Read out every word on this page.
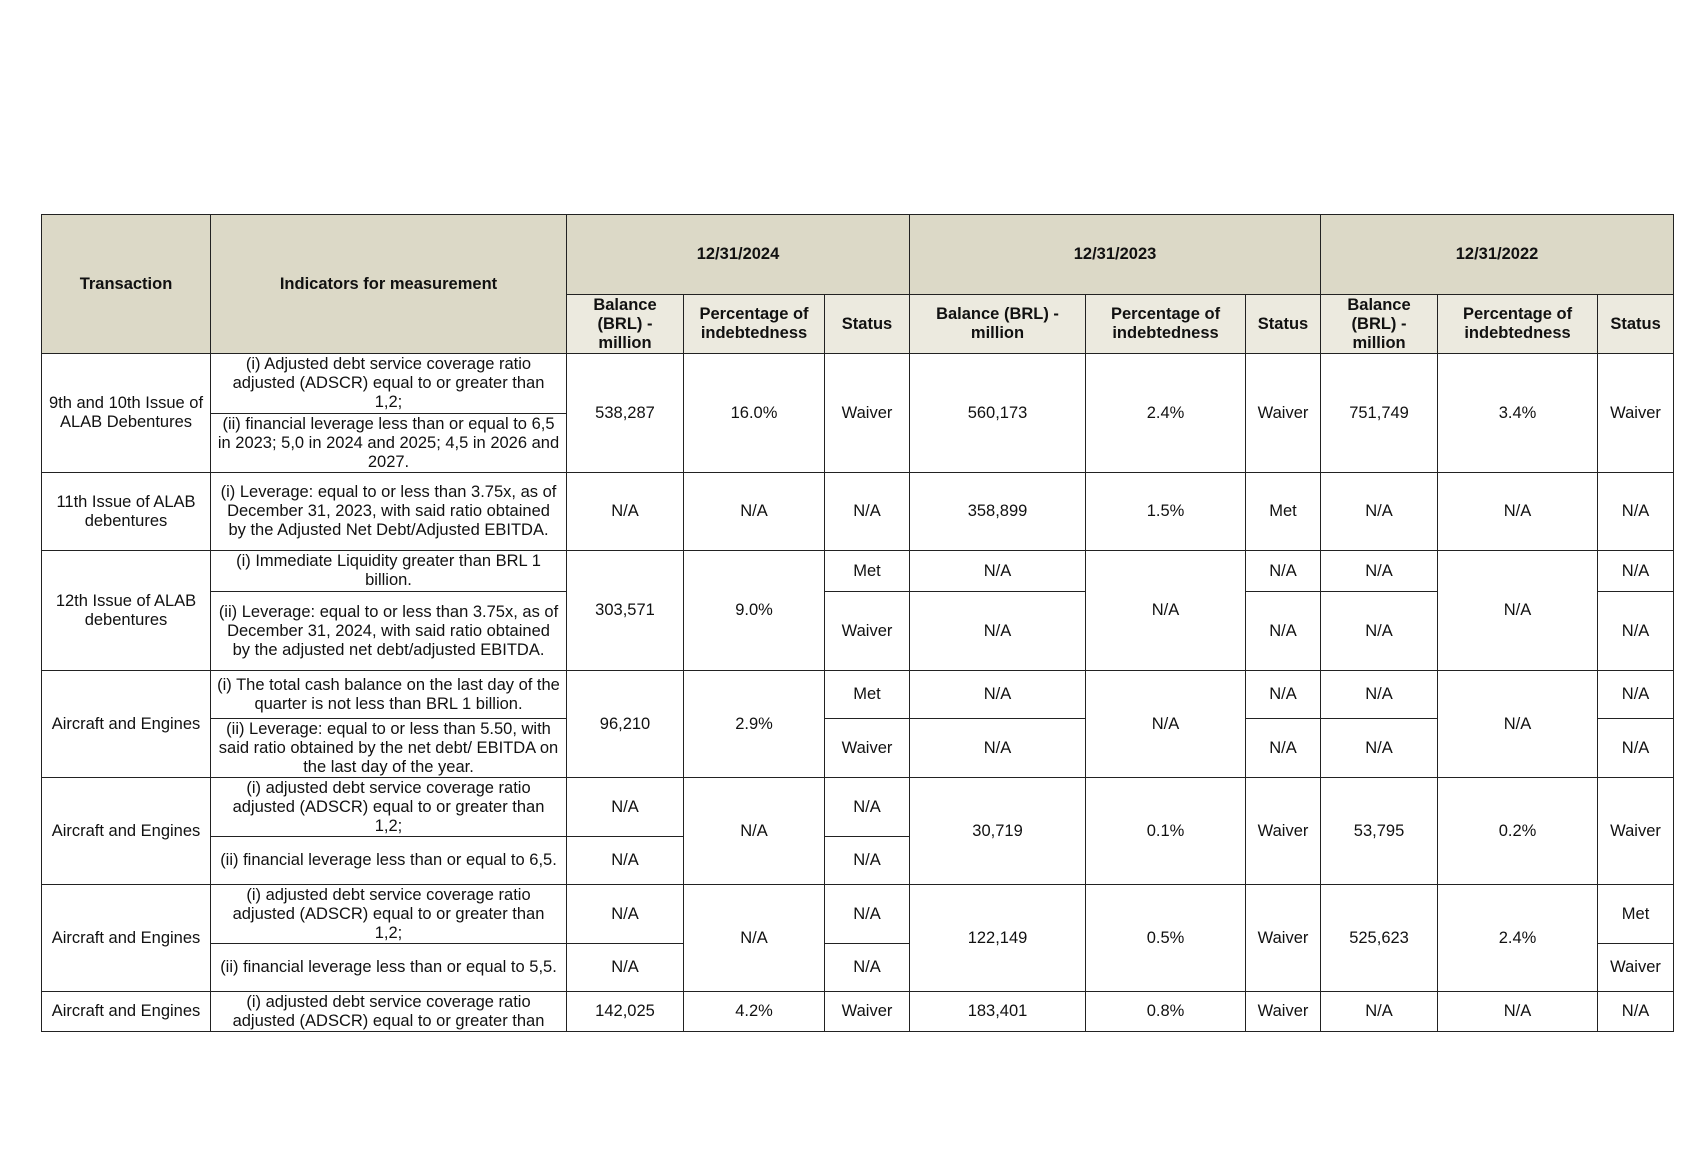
Transaction	Indicators for measurement	12/31/2024			12/31/2023			12/31/2022		
		Balance (BRL) - million	Percentage of indebtedness	Status	Balance (BRL) - million	Percentage of indebtedness	Status	Balance (BRL) - million	Percentage of indebtedness	Status
9th and 10th Issue of ALAB Debentures	(i) Adjusted debt service coverage ratio adjusted (ADSCR) equal to or greater than 1,2;	538,287	16.0%	Waiver	560,173	2.4%	Waiver	751,749	3.4%	Waiver
	(ii) financial leverage less than or equal to 6,5 in 2023; 5,0 in 2024 and 2025; 4,5 in 2026 and 2027.									
11th Issue of ALAB debentures	(i) Leverage: equal to or less than 3.75x, as of December 31, 2023, with said ratio obtained by the Adjusted Net Debt/Adjusted EBITDA.	N/A	N/A	N/A	358,899	1.5%	Met	N/A	N/A	N/A
12th Issue of ALAB debentures	(i) Immediate Liquidity greater than BRL 1 billion.	303,571	9.0%	Met	N/A	N/A	N/A	N/A	N/A	N/A
	(ii) Leverage: equal to or less than 3.75x, as of December 31, 2024, with said ratio obtained by the adjusted net debt/adjusted EBITDA.			Waiver	N/A		N/A	N/A		N/A
Aircraft and Engines	(i) The total cash balance on the last day of the quarter is not less than BRL 1 billion.	96,210	2.9%	Met	N/A	N/A	N/A	N/A	N/A	N/A
	(ii) Leverage: equal to or less than 5.50, with said ratio obtained by the net debt/ EBITDA on the last day of the year.			Waiver	N/A		N/A	N/A		N/A
Aircraft and Engines	(i) adjusted debt service coverage ratio adjusted (ADSCR) equal to or greater than 1,2;	N/A	N/A	N/A	30,719	0.1%	Waiver	53,795	0.2%	Waiver
	(ii) financial leverage less than or equal to 6,5.	N/A		N/A						
Aircraft and Engines	(i) adjusted debt service coverage ratio adjusted (ADSCR) equal to or greater than 1,2;	N/A	N/A	N/A	122,149	0.5%	Waiver	525,623	2.4%	Met
	(ii) financial leverage less than or equal to 5,5.	N/A		N/A						Waiver
Aircraft and Engines	(i) adjusted debt service coverage ratio adjusted (ADSCR) equal to or greater than	142,025	4.2%	Waiver	183,401	0.8%	Waiver	N/A	N/A	N/A
